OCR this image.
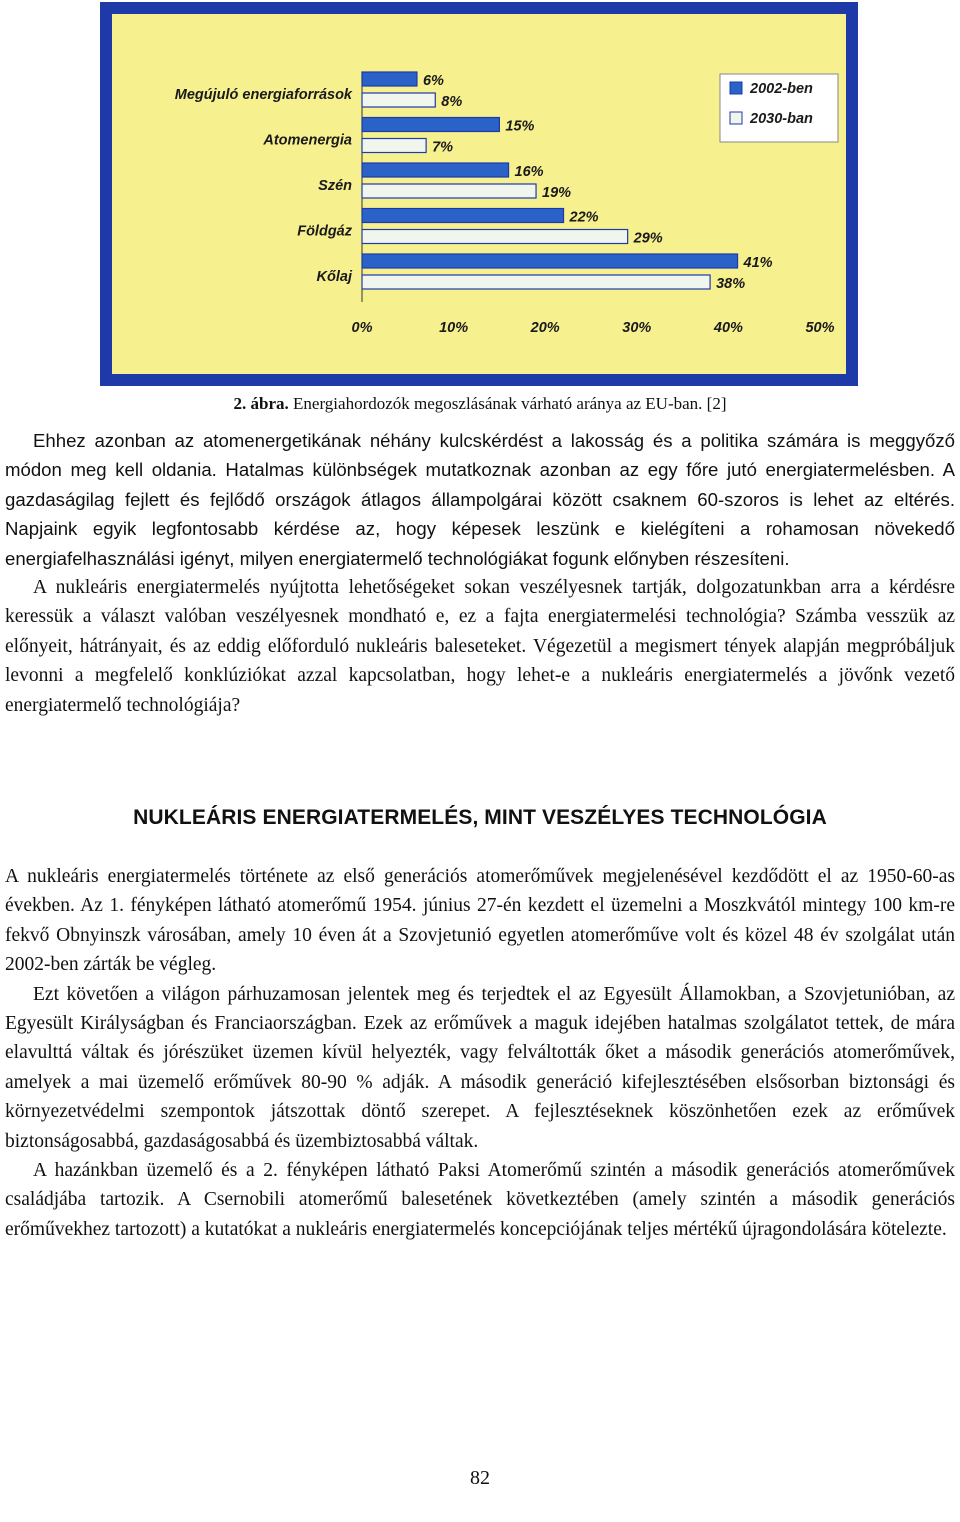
Megújuló energiaforrások
6%
8%
Atomenergia
15%
7%
Szén
16%
19%
Földgáz
22%
29%
Kőlaj
41%
38%
0%	10%	20%	30%	40%	50%
2002-ben
2030-ban
2. ábra. Energiahordozók megoszlásának várható aránya az EU-ban. [2]

Ehhez azonban az atomenergetikának néhány kulcskérdést a lakosság és a politika számára is meggyőző módon meg kell oldania. Hatalmas különbségek mutatkoznak azonban az egy főre jutó energiatermelésben. A gazdaságilag fejlett és fejlődő országok átlagos állampolgárai között csaknem 60-szoros is lehet az eltérés. Napjaink egyik legfontosabb kérdése az, hogy képesek leszünk e kielégíteni a rohamosan növekedő energiafelhasználási igényt, milyen energiatermelő technológiákat fogunk előnyben részesíteni.

A nukleáris energiatermelés nyújtotta lehetőségeket sokan veszélyesnek tartják, dolgozatunkban arra a kérdésre keressük a választ valóban veszélyesnek mondható e, ez a fajta energiatermelési technológia? Számba vesszük az előnyeit, hátrányait, és az eddig előforduló nukleáris baleseteket. Végezetül a megismert tények alapján megpróbáljuk levonni a megfelelő konklúziókat azzal kapcsolatban, hogy lehet-e a nukleáris energiatermelés a jövőnk vezető energiatermelő technológiája?

NUKLEÁRIS ENERGIATERMELÉS, MINT VESZÉLYES TECHNOLÓGIA

A nukleáris energiatermelés története az első generációs atomerőművek megjelenésével kezdődött el az 1950-60-as években. Az 1. fényképen látható atomerőmű 1954. június 27-én kezdett el üzemelni a Moszkvától mintegy 100 km-re fekvő Obnyinszk városában, amely 10 éven át a Szovjetunió egyetlen atomerőműve volt és közel 48 év szolgálat után 2002-ben zárták be végleg.

Ezt követően a világon párhuzamosan jelentek meg és terjedtek el az Egyesült Államokban, a Szovjetunióban, az Egyesült Királyságban és Franciaországban. Ezek az erőművek a maguk idejében hatalmas szolgálatot tettek, de mára elavulttá váltak és jórészüket üzemen kívül helyezték, vagy felváltották őket a második generációs atomerőművek, amelyek a mai üzemelő erőművek 80-90 % adják. A második generáció kifejlesztésében elsősorban biztonsági és környezetvédelmi szempontok játszottak döntő szerepet. A fejlesztéseknek köszönhetően ezek az erőművek biztonságosabbá, gazdaságosabbá és üzembiztosabbá váltak.

A hazánkban üzemelő és a 2. fényképen látható Paksi Atomerőmű szintén a második generációs atomerőművek családjába tartozik. A Csernobili atomerőmű balesetének következtében (amely szintén a második generációs erőművekhez tartozott) a kutatókat a nukleáris energiatermelés koncepciójának teljes mértékű újragondolására kötelezte.

82
